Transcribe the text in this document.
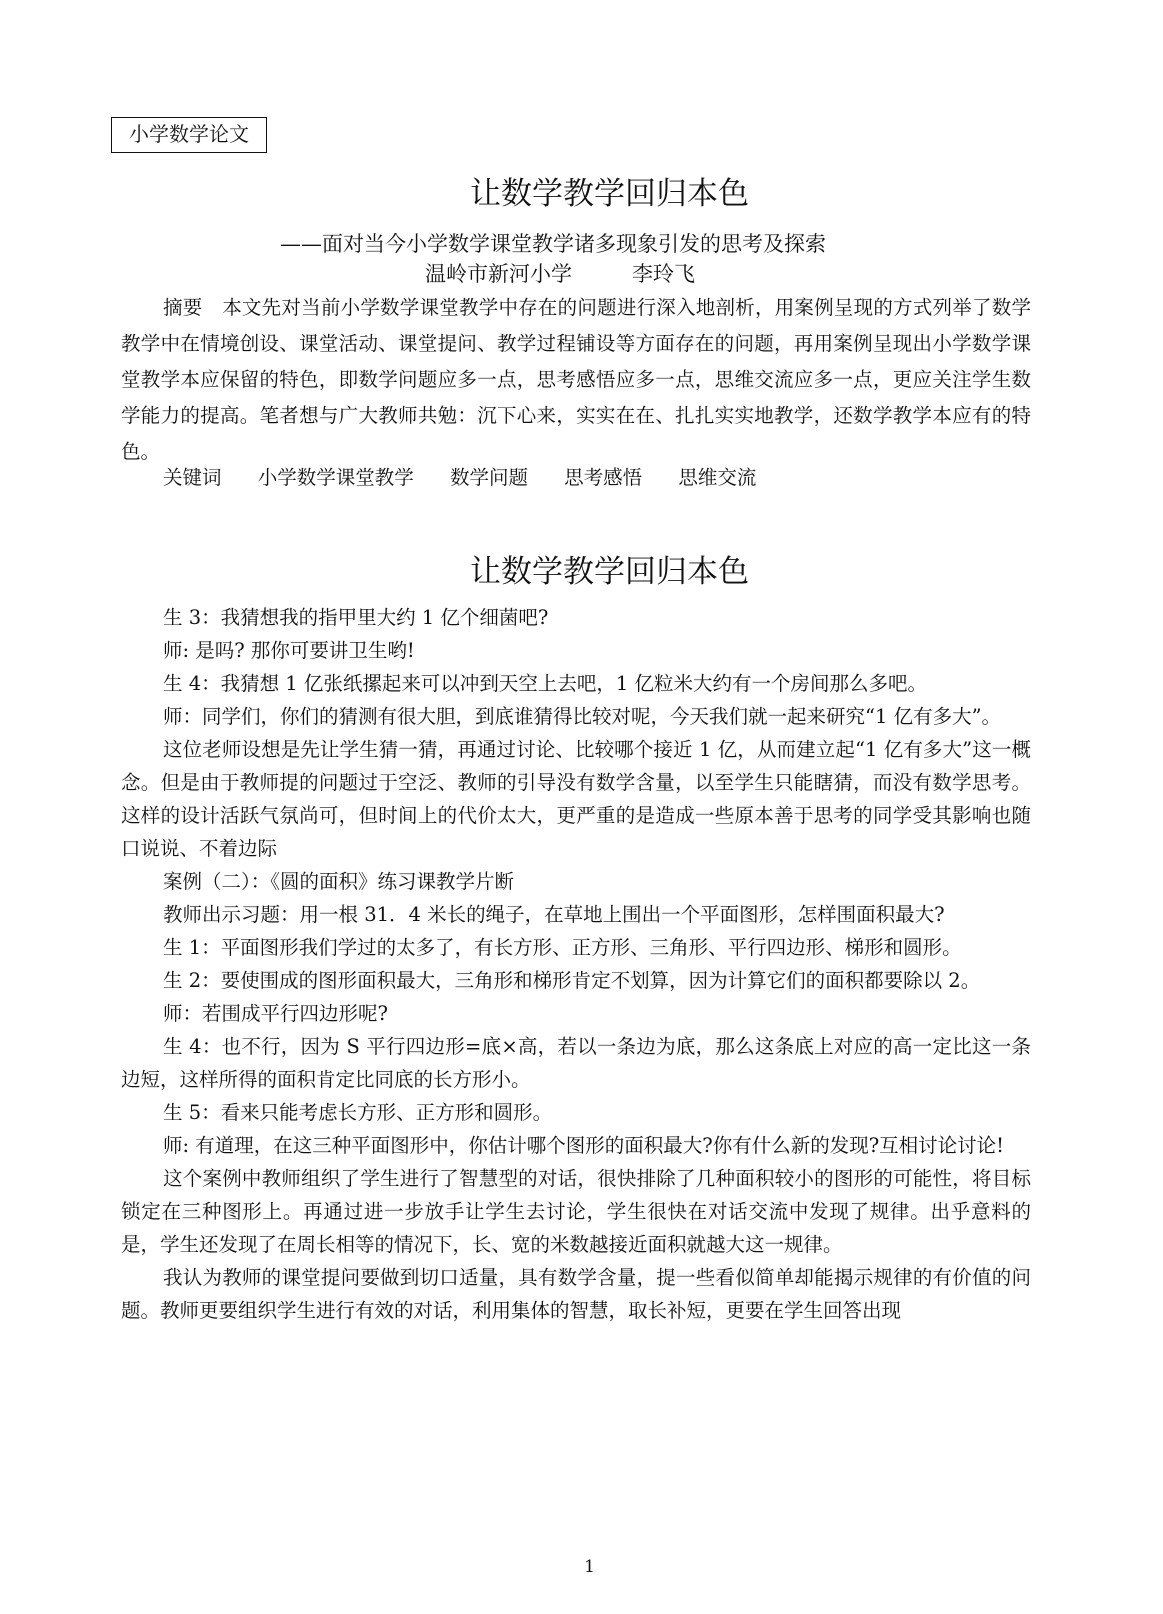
小学数学论文
让数学教学回归本色
——面对当今小学数学课堂教学诸多现象引发的思考及探索
温岭市新河小学	李玲飞

摘要　本文先对当前小学数学课堂教学中存在的问题进行深入地剖析，用案例呈现的方式列举了数学教学中在情境创设、课堂活动、课堂提问、教学过程铺设等方面存在的问题，再用案例呈现出小学数学课堂教学本应保留的特色，即数学问题应多一点，思考感悟应多一点，思维交流应多一点，更应关注学生数学能力的提高。笔者想与广大教师共勉：沉下心来，实实在在、扎扎实实地教学，还数学教学本应有的特色。

关键词 小学数学课堂教学 数学问题 思考感悟 思维交流
让数学教学回归本色

生 3：我猜想我的指甲里大约 1 亿个细菌吧?

师: 是吗? 那你可要讲卫生哟!

生 4：我猜想 1 亿张纸摞起来可以冲到天空上去吧，1 亿粒米大约有一个房间那么多吧。

师：同学们，你们的猜测有很大胆，到底谁猜得比较对呢，今天我们就一起来研究“1 亿有多大”。

这位老师设想是先让学生猜一猜，再通过讨论、比较哪个接近 1 亿，从而建立起“1 亿有多大”这一概念。但是由于教师提的问题过于空泛、教师的引导没有数学含量，以至学生只能瞎猜，而没有数学思考。这样的设计活跃气氛尚可，但时间上的代价太大，更严重的是造成一些原本善于思考的同学受其影响也随口说说、不着边际

案例（二）：《圆的面积》练习课教学片断

教师出示习题：用一根 31．4 米长的绳子，在草地上围出一个平面图形，怎样围面积最大?

生 1：平面图形我们学过的太多了，有长方形、正方形、三角形、平行四边形、梯形和圆形。

生 2：要使围成的图形面积最大，三角形和梯形肯定不划算，因为计算它们的面积都要除以 2。

师：若围成平行四边形呢?

生 4：也不行，因为 S 平行四边形=底×高，若以一条边为底，那么这条底上对应的高一定比这一条边短，这样所得的面积肯定比同底的长方形小。

生 5：看来只能考虑长方形、正方形和圆形。

师: 有道理，在这三种平面图形中，你估计哪个图形的面积最大?你有什么新的发现?互相讨论讨论!

这个案例中教师组织了学生进行了智慧型的对话，很快排除了几种面积较小的图形的可能性，将目标锁定在三种图形上。再通过进一步放手让学生去讨论，学生很快在对话交流中发现了规律。出乎意料的是，学生还发现了在周长相等的情况下，长、宽的米数越接近面积就越大这一规律。

我认为教师的课堂提问要做到切口适量，具有数学含量，提一些看似简单却能揭示规律的有价值的问题。教师更要组织学生进行有效的对话，利用集体的智慧，取长补短，更要在学生回答出现

1
